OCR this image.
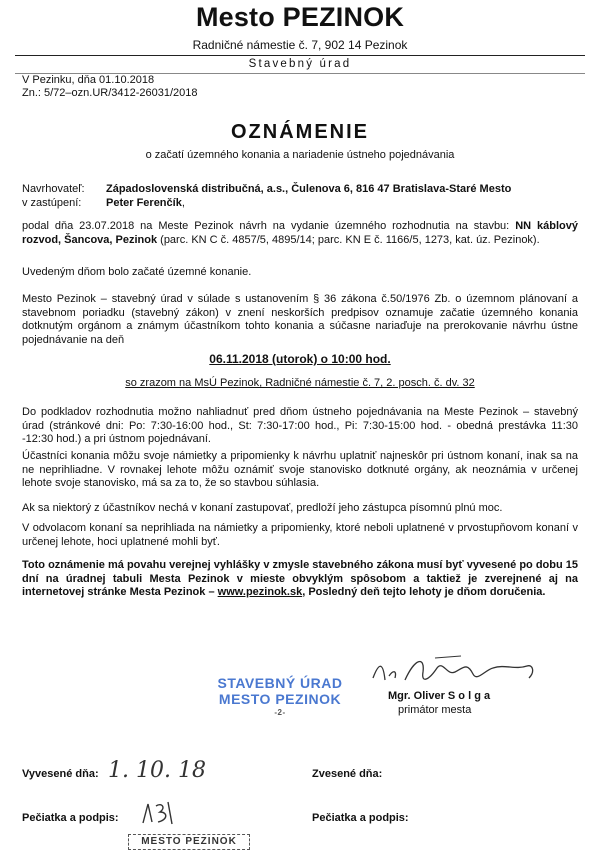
Mesto PEZINOK
Radničné námestie č. 7, 902 14 Pezinok
Stavebný úrad
V Pezinku, dňa 01.10.2018
Zn.: 5/72–ozn.UR/3412-26031/2018
OZNÁMENIE
o začatí územného konania a nariadenie ústneho pojednávania
Navrhovateľ: Západoslovenská distribučná, a.s., Čulenova 6, 816 47 Bratislava-Staré Mesto
v zastúpení: Peter Ferenčík,
podal dňa 23.07.2018 na Meste Pezinok návrh na vydanie územného rozhodnutia na stavbu: NN káblový rozvod, Šancova, Pezinok (parc. KN C č. 4857/5, 4895/14; parc. KN E č. 1166/5, 1273, kat. úz. Pezinok).
Uvedeným dňom bolo začaté územné konanie.
Mesto Pezinok – stavebný úrad v súlade s ustanovením § 36 zákona č.50/1976 Zb. o územnom plánovaní a stavebnom poriadku (stavebný zákon) v znení neskorších predpisov oznamuje začatie územného konania dotknutým orgánom a známym účastníkom tohto konania a súčasne nariaďuje na prerokovanie návrhu ústne pojednávanie na deň
06.11.2018 (utorok) o 10:00 hod.
so zrazom na MsÚ Pezinok, Radničné námestie č. 7, 2. posch. č. dv. 32
Do podkladov rozhodnutia možno nahliadnuť pred dňom ústneho pojednávania na Meste Pezinok – stavebný úrad (stránkové dni: Po: 7:30-16:00 hod., St: 7:30-17:00 hod., Pi: 7:30-15:00 hod. - obedná prestávka 11:30 -12:30 hod.) a pri ústnom pojednávaní.
Účastníci konania môžu svoje námietky a pripomienky k návrhu uplatniť najneskôr pri ústnom konaní, inak sa na ne neprihliadne. V rovnakej lehote môžu oznámiť svoje stanovisko dotknuté orgány, ak neoznámia v určenej lehote svoje stanovisko, má sa za to, že so stavbou súhlasia.
Ak sa niektorý z účastníkov nechá v konaní zastupovať, predloží jeho zástupca písomnú plnú moc.
V odvolacom konaní sa neprihliada na námietky a pripomienky, ktoré neboli uplatnené v prvostupňovom konaní v určenej lehote, hoci uplatnené mohli byť.
Toto oznámenie má povahu verejnej vyhlášky v zmysle stavebného zákona musí byť vyvesené po dobu 15 dní na úradnej tabuli Mesta Pezinok v mieste obvyklým spôsobom a taktiež je zverejnené aj na internetovej stránke Mesta Pezinok – www.pezinok.sk, Posledný deň tejto lehoty je dňom doručenia.
STAVEBNÝ ÚRAD
MESTO PEZINOK
-2-
Mgr. Oliver S o l g a
primátor mesta
Vyvesené dňa: 1. 10. 18	Zvesené dňa:
Pečiatka a podpis:	Pečiatka a podpis:
MESTO PEZINOK
